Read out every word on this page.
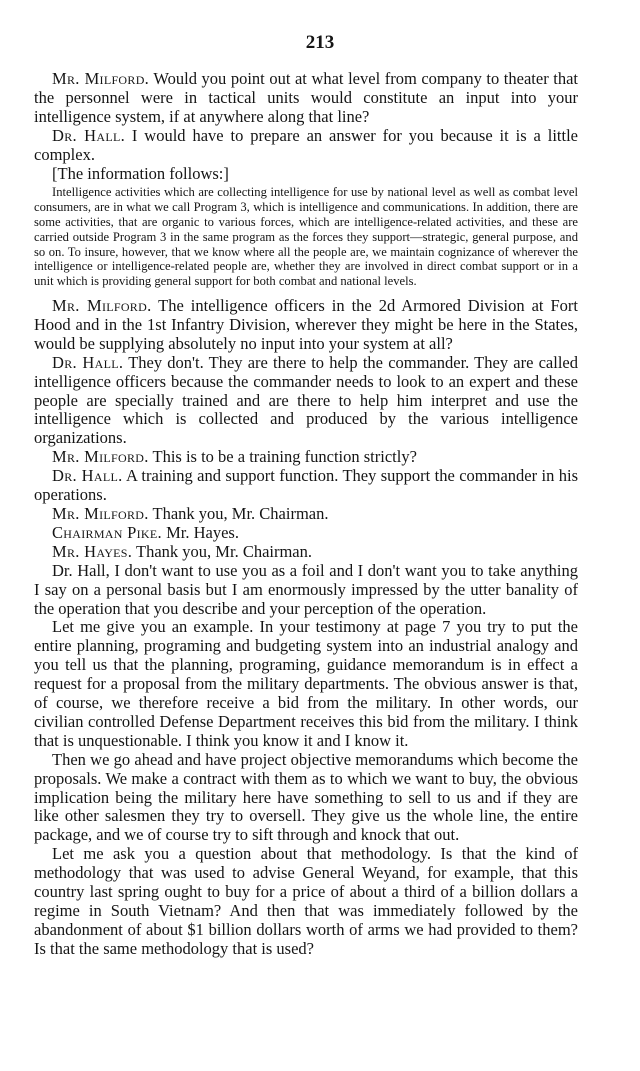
213

Mr. Milford. Would you point out at what level from company to theater that the personnel were in tactical units would constitute an input into your intelligence system, if at anywhere along that line?

Dr. Hall. I would have to prepare an answer for you because it is a little complex.

[The information follows:]

Intelligence activities which are collecting intelligence for use by national level as well as combat level consumers, are in what we call Program 3, which is intelligence and communications. In addition, there are some activities, that are organic to various forces, which are intelligence-related activities, and these are carried outside Program 3 in the same program as the forces they support—strategic, general purpose, and so on. To insure, however, that we know where all the people are, we maintain cognizance of wherever the intelligence or intelligence-related people are, whether they are involved in direct combat support or in a unit which is providing general support for both combat and national levels.

Mr. Milford. The intelligence officers in the 2d Armored Division at Fort Hood and in the 1st Infantry Division, wherever they might be here in the States, would be supplying absolutely no input into your system at all?

Dr. Hall. They don't. They are there to help the commander. They are called intelligence officers because the commander needs to look to an expert and these people are specially trained and are there to help him interpret and use the intelligence which is collected and produced by the various intelligence organizations.

Mr. Milford. This is to be a training function strictly?

Dr. Hall. A training and support function. They support the commander in his operations.

Mr. Milford. Thank you, Mr. Chairman.

Chairman Pike. Mr. Hayes.

Mr. Hayes. Thank you, Mr. Chairman.

Dr. Hall, I don't want to use you as a foil and I don't want you to take anything I say on a personal basis but I am enormously impressed by the utter banality of the operation that you describe and your perception of the operation.

Let me give you an example. In your testimony at page 7 you try to put the entire planning, programing and budgeting system into an industrial analogy and you tell us that the planning, programing, guidance memorandum is in effect a request for a proposal from the military departments. The obvious answer is that, of course, we therefore receive a bid from the military. In other words, our civilian controlled Defense Department receives this bid from the military. I think that is unquestionable. I think you know it and I know it.

Then we go ahead and have project objective memorandums which become the proposals. We make a contract with them as to which we want to buy, the obvious implication being the military here have something to sell to us and if they are like other salesmen they try to oversell. They give us the whole line, the entire package, and we of course try to sift through and knock that out.

Let me ask you a question about that methodology. Is that the kind of methodology that was used to advise General Weyand, for example, that this country last spring ought to buy for a price of about a third of a billion dollars a regime in South Vietnam? And then that was immediately followed by the abandonment of about $1 billion dollars worth of arms we had provided to them? Is that the same methodology that is used?
